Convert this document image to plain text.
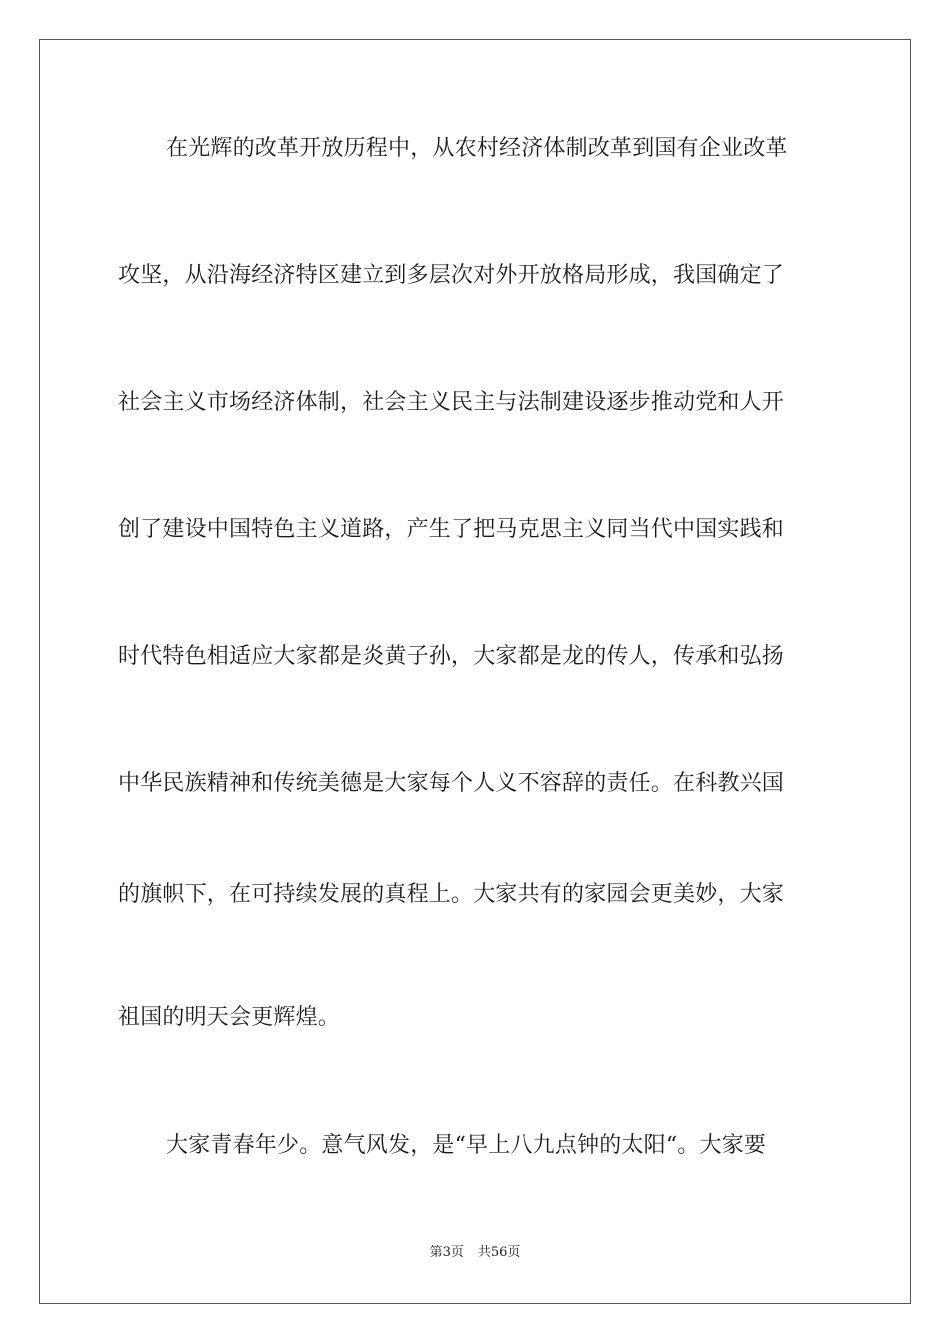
在光辉的改革开放历程中，从农村经济体制改革到国有企业改革
攻坚，从沿海经济特区建立到多层次对外开放格局形成，我国确定了
社会主义市场经济体制，社会主义民主与法制建设逐步推动党和人开
创了建设中国特色主义道路，产生了把马克思主义同当代中国实践和
时代特色相适应大家都是炎黄子孙，大家都是龙的传人，传承和弘扬
中华民族精神和传统美德是大家每个人义不容辞的责任。在科教兴国
的旗帜下，在可持续发展的真程上。大家共有的家园会更美妙，大家
祖国的明天会更辉煌。
大家青春年少。意气风发，是“早上八九点钟的太阳“。大家要
第3页 共56页
